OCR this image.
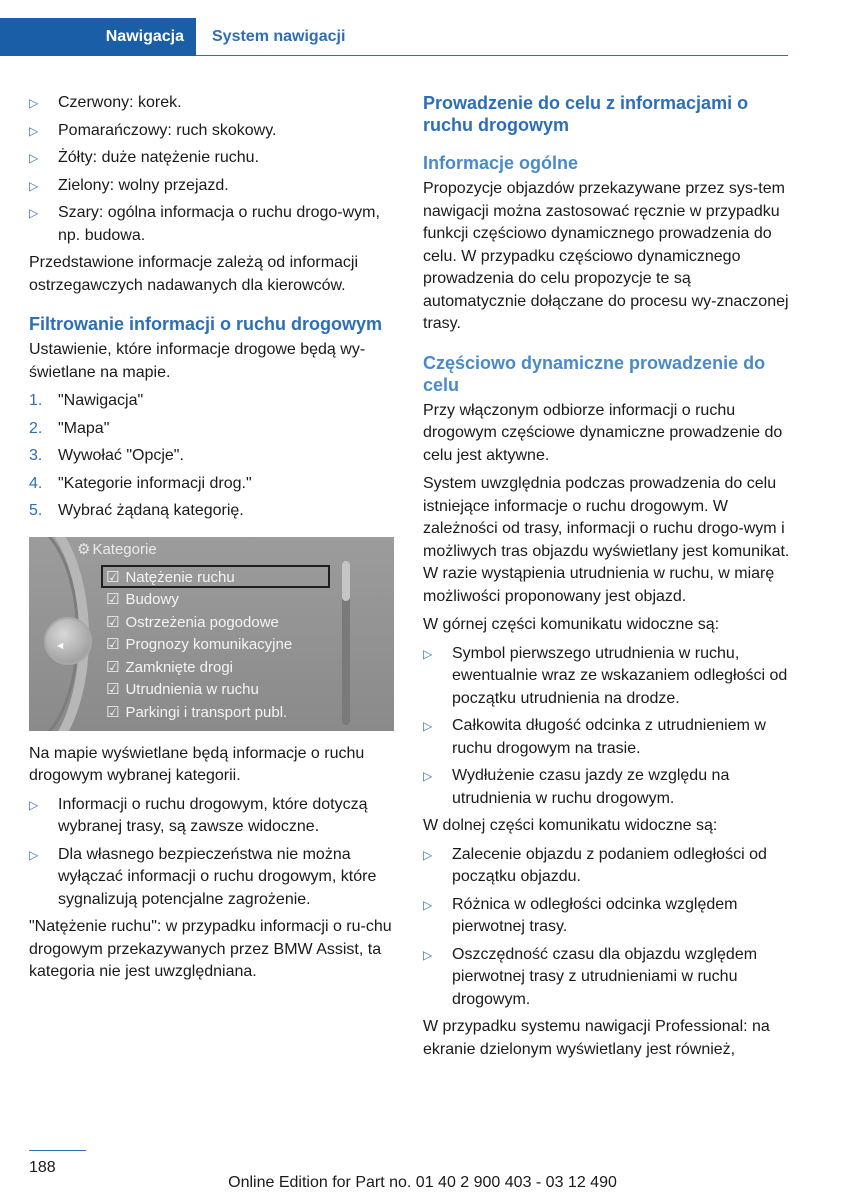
Nawigacja System nawigacji
▷ Czerwony: korek.
▷ Pomarańczowy: ruch skokowy.
▷ Żółty: duże natężenie ruchu.
▷ Zielony: wolny przejazd.
▷ Szary: ogólna informacja o ruchu drogo‐wym, np. budowa.

Przedstawione informacje zależą od informacji ostrzegawczych nadawanych dla kierowców.

Filtrowanie informacji o ruchu drogowym

Ustawienie, które informacje drogowe będą wy‐świetlane na mapie.

1. "Nawigacja"
2. "Mapa"
3. Wywołać "Opcje".
4. "Kategorie informacji drog."
5. Wybrać żądaną kategorię.
◀
⚙ Kategorie
☑ Natężenie ruchu
☑ Budowy
☑ Ostrzeżenia pogodowe
☑ Prognozy komunikacyjne
☑ Zamknięte drogi
☑ Utrudnienia w ruchu
☑ Parkingi i transport publ.

Na mapie wyświetlane będą informacje o ruchu drogowym wybranej kategorii.

▷ Informacji o ruchu drogowym, które dotyczą wybranej trasy, są zawsze widoczne.
▷ Dla własnego bezpieczeństwa nie można wyłączać informacji o ruchu drogowym, które sygnalizują potencjalne zagrożenie.

"Natężenie ruchu": w przypadku informacji o ru‐chu drogowym przekazywanych przez BMW Assist, ta kategoria nie jest uwzględniana.

Prowadzenie do celu z informacjami o ruchu drogowym
Informacje ogólne

Propozycje objazdów przekazywane przez sys‐tem nawigacji można zastosować ręcznie w przypadku funkcji częściowo dynamicznego prowadzenia do celu. W przypadku częściowo dynamicznego prowadzenia do celu propozycje te są automatycznie dołączane do procesu wy‐znaczonej trasy.

Częściowo dynamiczne prowadzenie do celu

Przy włączonym odbiorze informacji o ruchu drogowym częściowe dynamiczne prowadzenie do celu jest aktywne.

System uwzględnia podczas prowadzenia do celu istniejące informacje o ruchu drogowym. W zależności od trasy, informacji o ruchu drogo‐wym i możliwych tras objazdu wyświetlany jest komunikat. W razie wystąpienia utrudnienia w ruchu, w miarę możliwości proponowany jest objazd.

W górnej części komunikatu widoczne są:

▷ Symbol pierwszego utrudnienia w ruchu, ewentualnie wraz ze wskazaniem odległości od początku utrudnienia na drodze.
▷ Całkowita długość odcinka z utrudnieniem w ruchu drogowym na trasie.
▷ Wydłużenie czasu jazdy ze względu na utrudnienia w ruchu drogowym.

W dolnej części komunikatu widoczne są:

▷ Zalecenie objazdu z podaniem odległości od początku objazdu.
▷ Różnica w odległości odcinka względem pierwotnej trasy.
▷ Oszczędność czasu dla objazdu względem pierwotnej trasy z utrudnieniami w ruchu drogowym.

W przypadku systemu nawigacji Professional: na ekranie dzielonym wyświetlany jest również,

188
Online Edition for Part no. 01 40 2 900 403 - 03 12 490
